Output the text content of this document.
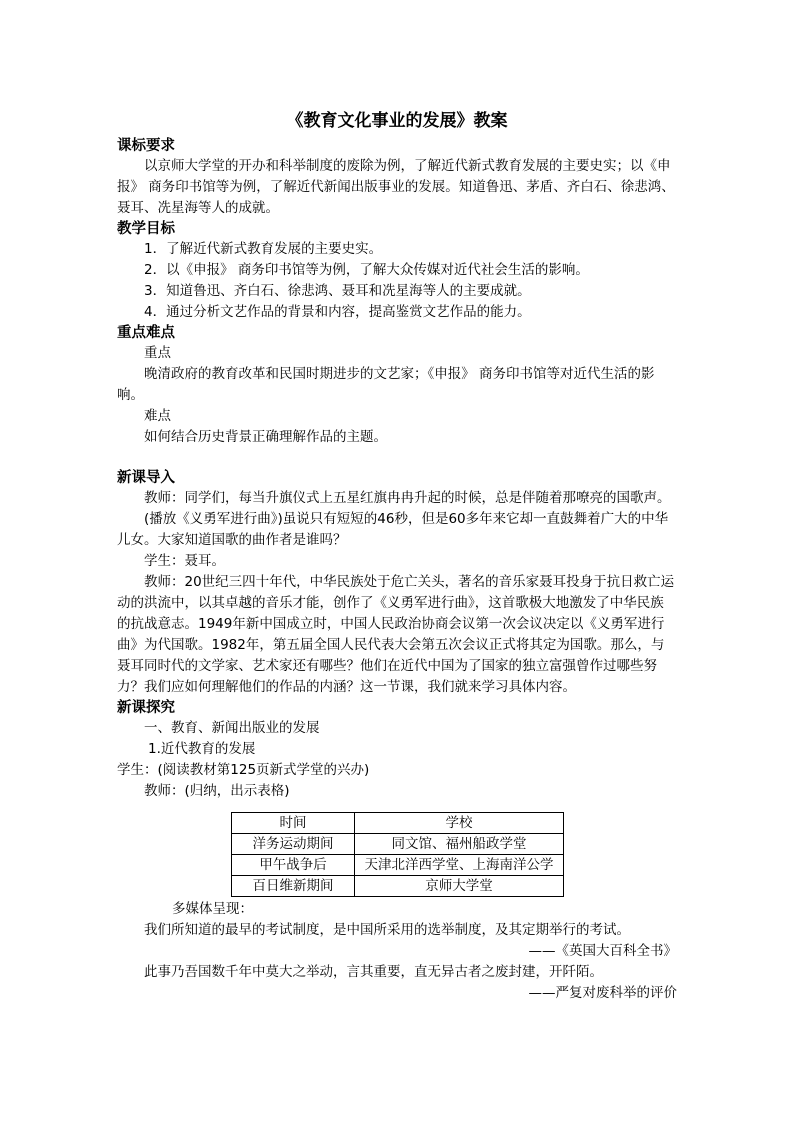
《教育文化事业的发展》教案

课标要求

以京师大学堂的开办和科举制度的废除为例，了解近代新式教育发展的主要史实；以《申报》 商务印书馆等为例，了解近代新闻出版事业的发展。知道鲁迅、茅盾、齐白石、徐悲鸿、聂耳、冼星海等人的成就。

教学目标

1．了解近代新式教育发展的主要史实。

2．以《申报》 商务印书馆等为例，了解大众传媒对近代社会生活的影响。

3．知道鲁迅、齐白石、徐悲鸿、聂耳和冼星海等人的主要成就。

4．通过分析文艺作品的背景和内容，提高鉴赏文艺作品的能力。

重点难点

重点

晚清政府的教育改革和民国时期进步的文艺家；《申报》 商务印书馆等对近代生活的影响。

难点

如何结合历史背景正确理解作品的主题。

新课导入

教师：同学们，每当升旗仪式上五星红旗冉冉升起的时候，总是伴随着那嘹亮的国歌声。

(播放《义勇军进行曲》)虽说只有短短的46秒，但是60多年来它却一直鼓舞着广大的中华儿女。大家知道国歌的曲作者是谁吗？

学生：聂耳。

教师：20世纪三四十年代，中华民族处于危亡关头，著名的音乐家聂耳投身于抗日救亡运动的洪流中，以其卓越的音乐才能，创作了《义勇军进行曲》，这首歌极大地激发了中华民族的抗战意志。1949年新中国成立时，中国人民政治协商会议第一次会议决定以《义勇军进行曲》为代国歌。1982年，第五届全国人民代表大会第五次会议正式将其定为国歌。那么，与聂耳同时代的文学家、艺术家还有哪些？他们在近代中国为了国家的独立富强曾作过哪些努力？我们应如何理解他们的作品的内涵？这一节课，我们就来学习具体内容。

新课探究

一、教育、新闻出版业的发展

1.近代教育的发展

学生：(阅读教材第125页新式学堂的兴办)

教师：(归纳，出示表格)

时间	学校
洋务运动期间	同文馆、福州船政学堂
甲午战争后	天津北洋西学堂、上海南洋公学
百日维新期间	京师大学堂

多媒体呈现：

我们所知道的最早的考试制度，是中国所采用的选举制度，及其定期举行的考试。

——《英国大百科全书》

此事乃吾国数千年中莫大之举动，言其重要，直无异古者之废封建，开阡陌。

——严复对废科举的评价
